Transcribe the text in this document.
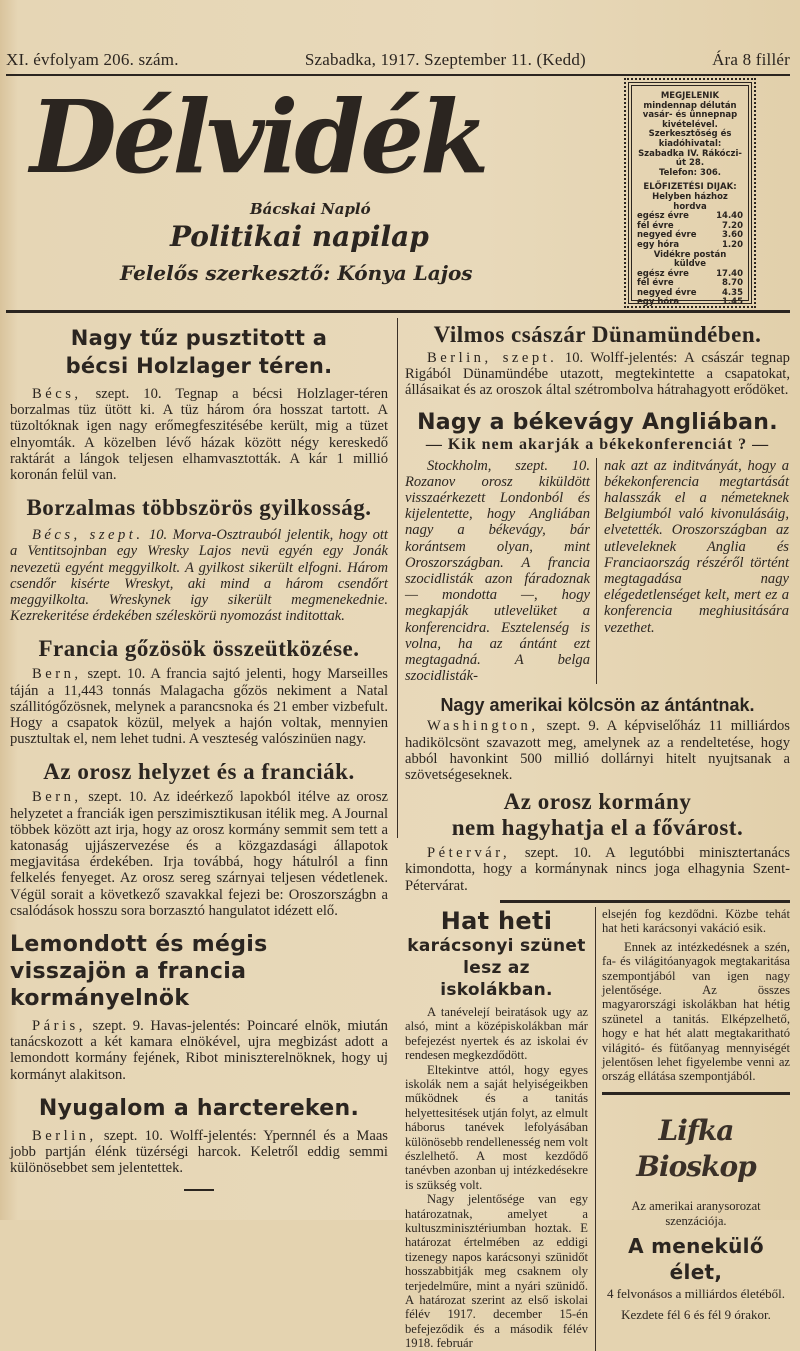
XI. évfolyam 206. szám.	Szabadka, 1917. Szeptember 11. (Kedd)	Ára 8 fillér
Délvidék
Bácskai Napló
Politikai napilap
Felelős szerkesztő: Kónya Lajos
MEGJELENIK
mindennap délután vasár- és ünnepnap kivételével.
Szerkesztőség és kiadóhivatal:
Szabadka IV. Rákóczi-út 28.
Telefon: 306.
ELŐFIZETÉSI DIJAK:
Helyben házhoz hordva
egész évre	14.40
fél évre	7.20
negyed évre	3.60
egy hóra	1.20
Vidékre postán küldve
egész évre	17.40
fél évre	8.70
negyed évre	4.35
egy hóra	1.45
Nagy tűz pusztitott a bécsi Holzlager téren.

Bécs, szept. 10. Tegnap a bécsi Holzlager-téren borzalmas tüz ütött ki. A tüz három óra hosszat tartott. A tüzoltóknak igen nagy erőmegfeszitésébe került, mig a tüzet elnyomták. A közelben lévő házak között négy kereskedő raktárát a lángok teljesen elhamvasztották. A kár 1 millió koronán felül van.

Borzalmas többszörös gyilkosság.

Bécs, szept. 10. Morva-Osztrauból jelentik, hogy ott a Ventitsojnban egy Wresky Lajos nevü egyén egy Jonák nevezetü egyént meggyilkolt. A gyilkost sikerült elfogni. Három csendőr kisérte Wreskyt, aki mind a három csendőrt meggyilkolta. Wreskynek igy sikerült megmenekednie. Kezrekeritése érdekében széleskörü nyomozást inditottak.

Francia gőzösök összeütközése.

Bern, szept. 10. A francia sajtó jelenti, hogy Marseilles táján a 11,443 tonnás Malagacha gőzös nekiment a Natal szállitógőzösnek, melynek a parancsnoka és 21 ember vizbefult. Hogy a csapatok közül, melyek a hajón voltak, mennyien pusztultak el, nem lehet tudni. A veszteség valószinüen nagy.

Az orosz helyzet és a franciák.

Bern, szept. 10. Az ideérkező lapokból itélve az orosz helyzetet a franciák igen perszimisztikusan itélik meg. A Journal többek között azt irja, hogy az orosz kormány semmit sem tett a katonaság ujjászervezése és a közgazdasági állapotok megjavitása érdekében. Irja továbbá, hogy hátulról a finn felkelés fenyeget. Az orosz sereg szárnyai teljesen védetlenek. Végül sorait a következő szavakkal fejezi be: Oroszországbn a csalódások hosszu sora borzasztó hangulatot idézett elő.

Lemondott és mégis visszajön a francia kormányelnök

Páris, szept. 9. Havas-jelentés: Poincaré elnök, miután tanácskozott a két kamara elnökével, ujra megbizást adott a lemondott kormány fejének, Ribot miniszterelnöknek, hogy uj kormányt alakitson.

Nyugalom a harctereken.

Berlin, szept. 10. Wolff-jelentés: Ypernnél és a Maas jobb partján élénk tüzérségi harcok. Keletről eddig semmi különösebbet sem jelentettek.

Vilmos császár Dünamündében.

Berlin, szept. 10. Wolff-jelentés: A császár tegnap Rigából Dünamündébe utazott, megtekintette a csapatokat, állásaikat és az oroszok által szétrombolva hátrahagyott erődöket.

Nagy a békevágy Angliában.
— Kik nem akarják a békekonferenciát ? —

Stockholm, szept. 10. Rozanov orosz kiküldött visszaérkezett Londonból és kijelentette, hogy Angliában nagy a békevágy, bár korántsem olyan, mint Oroszországban. A francia szocidlisták azon fáradoznak — mondotta —, hogy megkapják utlevelüket a konferencidra. Esztelenség is volna, ha az ántánt ezt megtagadná. A belga szocidlisták-

nak azt az inditványát, hogy a békekonferencia megtartását halasszák el a németeknek Belgiumból való kivonulásáig, elvetették. Oroszországban az utleveleknek Anglia és Franciaország részéről történt megtagadása nagy elégedetlenséget kelt, mert ez a konferencia meghiusitására vezethet.

Nagy amerikai kölcsön az ántántnak.

Washington, szept. 9. A képviselőház 11 milliárdos hadikölcsönt szavazott meg, amelynek az a rendeltetése, hogy abból havonkint 500 millió dollárnyi hitelt nyujtsanak a szövetségeseknek.

Az orosz kormány
nem hagyhatja el a fővárost.

Pétervár, szept. 10. A legutóbbi minisztertanács kimondotta, hogy a kormánynak nincs joga elhagynia Szent-Pétervárat.

Hat heti
karácsonyi szünet
lesz az iskolákban.

A tanévelejí beiratások ugy az alsó, mint a középiskolákban már befejezést nyertek és az iskolai év rendesen megkezdődött.

Eltekintve attól, hogy egyes iskolák nem a saját helyiségeikben működnek és a tanitás helyettesitések utján folyt, az elmult háborus tanévek lefolyásában különösebb rendellenesség nem volt észlelhető. A most kezdődő tanévben azonban uj intézkedésekre is szükség volt.

Nagy jelentősége van egy határozatnak, amelyet a kultuszminisztériumban hoztak. E határozat értelmében az eddigi tizenegy napos karácsonyi szünidőt hosszabbitják meg csaknem oly terjedelműre, mint a nyári szünidő. A határozat szerint az első iskolai félév 1917. december 15-én befejeződik és a második félév 1918. február

elsején fog kezdődni. Közbe tehát hat heti karácsonyi vakáció esik.

Ennek az intézkedésnek a szén, fa- és világitóanyagok megtakaritása szempontjából van igen nagy jelentősége. Az összes magyarországi iskolákban hat hétig szünetel a tanitás. Elképzelhető, hogy e hat hét alatt megtakaritható világitó- és fütőanyag mennyiségét jelentősen lehet figyelembe venni az ország ellátása szempontjából.

Lifka Bioskop
Az amerikai aranysorozat szenzációja.
A menekülő élet,
4 felvonásos a milliárdos életéből.
Kezdete fél 6 és fél 9 órakor.
